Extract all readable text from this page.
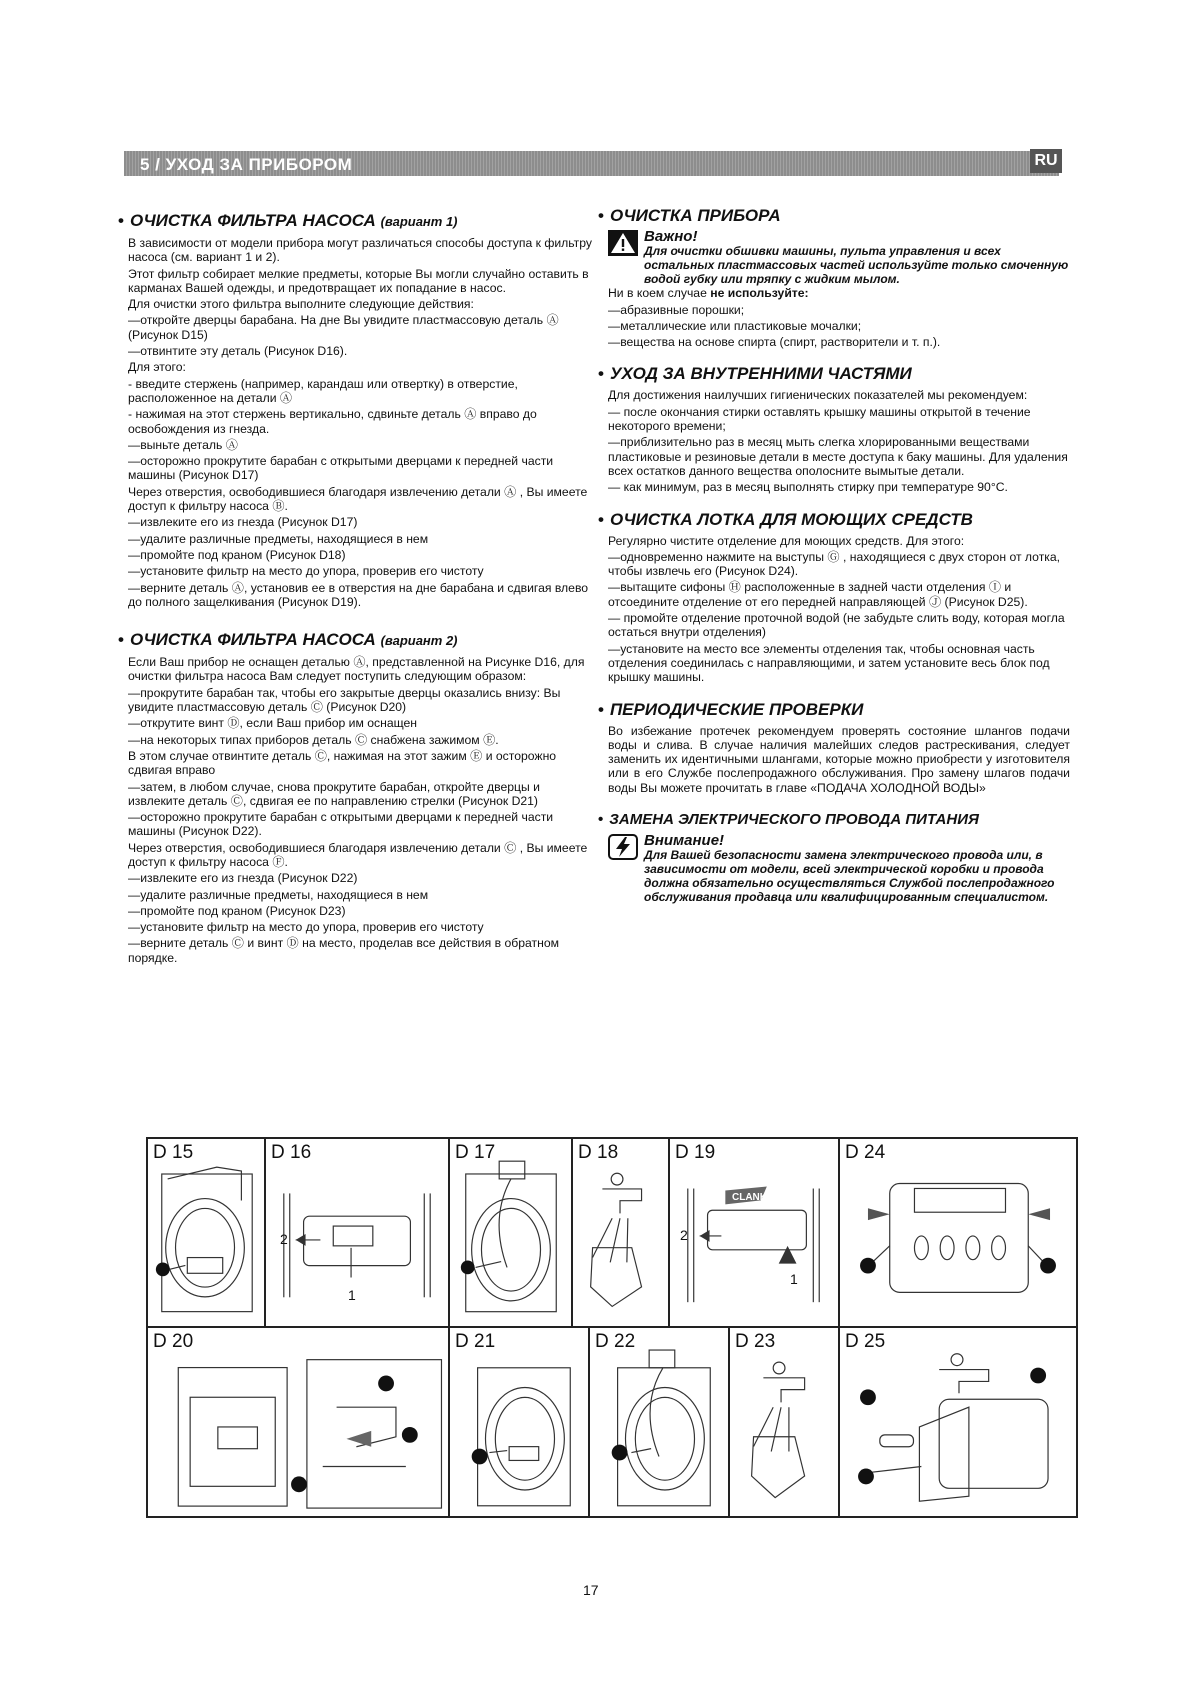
5 / УХОД ЗА ПРИБОРОМ	RU
• ОЧИСТКА ФИЛЬТРА НАСОСА (вариант 1)
В зависимости от модели прибора могут различаться способы доступа к фильтру насоса (см. вариант 1 и 2).
Этот фильтр собирает мелкие предметы, которые Вы могли случайно оставить в карманах Вашей одежды, и предотвращает их попадание в насос.
Для очистки этого фильтра выполните следующие действия:
—откройте дверцы барабана. На дне Вы увидите пластмассовую деталь Ⓐ (Рисунок D15)
—отвинтите эту деталь (Рисунок D16).
Для этого:
- введите стержень (например, карандаш или отвертку) в отверстие, расположенное на детали Ⓐ
- нажимая на этот стержень вертикально, сдвиньте деталь Ⓐ вправо до освобождения из гнезда.
—выньте деталь Ⓐ
—осторожно прокрутите барабан с открытыми дверцами к передней части машины (Рисунок D17)
Через отверстия, освободившиеся благодаря извлечению детали Ⓐ , Вы имеете доступ к фильтру насоса Ⓑ.
—извлеките его из гнезда (Рисунок D17)
—удалите различные предметы, находящиеся в нем
—промойте под краном (Рисунок D18)
—установите фильтр на место до упора, проверив его чистоту
—верните деталь Ⓐ, установив ее в отверстия на дне барабана и сдвигая влево до полного защелкивания (Рисунок D19).
• ОЧИСТКА ФИЛЬТРА НАСОСА (вариант 2)
Если Ваш прибор не оснащен деталью Ⓐ, представленной на Рисунке D16, для очистки фильтра насоса Вам следует поступить следующим образом:
—прокрутите барабан так, чтобы его закрытые дверцы оказались внизу: Вы увидите пластмассовую деталь Ⓒ (Рисунок D20)
—открутите винт Ⓓ, если Ваш прибор им оснащен
—на некоторых типах приборов деталь Ⓒ снабжена зажимом Ⓔ.
В этом случае отвинтите деталь Ⓒ, нажимая на этот зажим Ⓔ и осторожно сдвигая вправо
—затем, в любом случае, снова прокрутите барабан, откройте дверцы и извлеките деталь Ⓒ, сдвигая ее по направлению стрелки (Рисунок D21)
—осторожно прокрутите барабан с открытыми дверцами к передней части машины (Рисунок D22).
Через отверстия, освободившиеся благодаря извлечению детали Ⓒ , Вы имеете доступ к фильтру насоса Ⓕ.
—извлеките его из гнезда (Рисунок D22)
—удалите различные предметы, находящиеся в нем
—промойте под краном (Рисунок D23)
—установите фильтр на место до упора, проверив его чистоту
—верните деталь Ⓒ и винт Ⓓ на место, проделав все действия в обратном порядке.
• ОЧИСТКА ПРИБОРА
Важно!
Для очистки обшивки машины, пульта управления и всех остальных пластмассовых частей используйте только смоченную водой губку или тряпку с жидким мылом.
Ни в коем случае не используйте:
—абразивные порошки;
—металлические или пластиковые мочалки;
—вещества на основе спирта (спирт, растворители и т. п.).
• УХОД ЗА ВНУТРЕННИМИ ЧАСТЯМИ
Для достижения наилучших гигиенических показателей мы рекомендуем:
— после окончания стирки оставлять крышку машины открытой в течение некоторого времени;
—приблизительно раз в месяц мыть слегка хлорированными веществами пластиковые и резиновые детали в месте доступа к баку машины. Для удаления всех остатков данного вещества ополосните вымытые детали.
— как минимум, раз в месяц выполнять стирку при температуре 90°C.
• ОЧИСТКА ЛОТКА ДЛЯ МОЮЩИХ СРЕДСТВ
Регулярно чистите отделение для моющих средств. Для этого:
—одновременно нажмите на выступы Ⓖ , находящиеся с двух сторон от лотка, чтобы извлечь его (Рисунок D24).
—вытащите сифоны Ⓗ расположенные в задней части отделения Ⓘ и отсоедините отделение от его передней направляющей Ⓙ (Рисунок D25).
— промойте отделение проточной водой (не забудьте слить воду, которая могла остаться внутри отделения)
—установите на место все элементы отделения так, чтобы основная часть отделения соединилась с направляющими, и затем установите весь блок под крышку машины.
• ПЕРИОДИЧЕСКИЕ ПРОВЕРКИ
Во избежание протечек рекомендуем проверять состояние шлангов подачи воды и слива. В случае наличия малейших следов растрескивания, следует заменить их идентичными шлангами, которые можно приобрести у изготовителя или в его Службе послепродажного обслуживания. Про замену шлагов подачи воды Вы можете прочитать в главе «ПОДАЧА ХОЛОДНОЙ ВОДЫ»
• ЗАМЕНА ЭЛЕКТРИЧЕСКОГО ПРОВОДА ПИТАНИЯ
Внимание!
Для Вашей безопасности замена электрического провода или, в зависимости от модели, всей электрической коробки и провода должна обязательно осуществляться Службой послепродажного обслуживания продавца или квалифицированным специалистом.
D 15	D 16
2
1
D 17	D 18	D 19
CLANK
2
1
D 24
D 20	D 21	D 22	D 23	D 25
17
